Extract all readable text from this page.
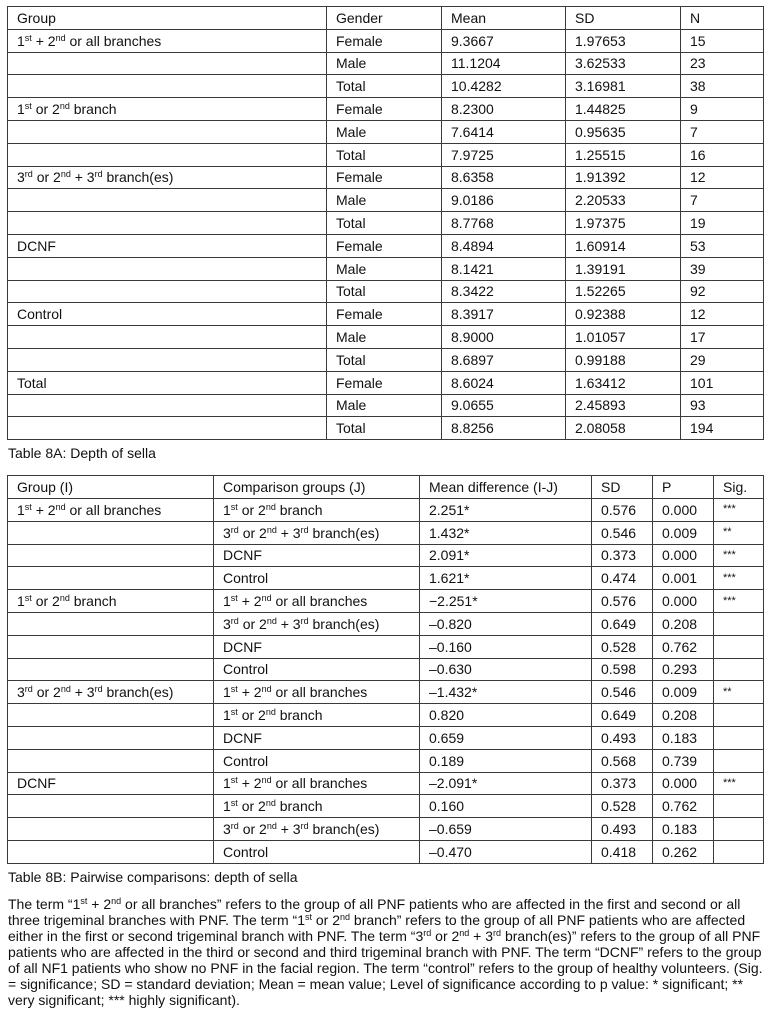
Group	Gender	Mean	SD	N
1st + 2nd or all branches	Female	9.3667	1.97653	15
	Male	11.1204	3.62533	23
	Total	10.4282	3.16981	38
1st or 2nd branch	Female	8.2300	1.44825	9
	Male	7.6414	0.95635	7
	Total	7.9725	1.25515	16
3rd or 2nd + 3rd branch(es)	Female	8.6358	1.91392	12
	Male	9.0186	2.20533	7
	Total	8.7768	1.97375	19
DCNF	Female	8.4894	1.60914	53
	Male	8.1421	1.39191	39
	Total	8.3422	1.52265	92
Control	Female	8.3917	0.92388	12
	Male	8.9000	1.01057	17
	Total	8.6897	0.99188	29
Total	Female	8.6024	1.63412	101
	Male	9.0655	2.45893	93
	Total	8.8256	2.08058	194

Table 8A: Depth of sella

Group (I)	Comparison groups (J)	Mean difference (I-J)	SD	P	Sig.
1st + 2nd or all branches	1st or 2nd branch	2.251*	0.576	0.000	***
	3rd or 2nd + 3rd branch(es)	1.432*	0.546	0.009	**
	DCNF	2.091*	0.373	0.000	***
	Control	1.621*	0.474	0.001	***
1st or 2nd branch	1st + 2nd or all branches	−2.251*	0.576	0.000	***
	3rd or 2nd + 3rd branch(es)	–0.820	0.649	0.208	
	DCNF	–0.160	0.528	0.762	
	Control	–0.630	0.598	0.293	
3rd or 2nd + 3rd branch(es)	1st + 2nd or all branches	–1.432*	0.546	0.009	**
	1st or 2nd branch	0.820	0.649	0.208	
	DCNF	0.659	0.493	0.183	
	Control	0.189	0.568	0.739	
DCNF	1st + 2nd or all branches	–2.091*	0.373	0.000	***
	1st or 2nd branch	0.160	0.528	0.762	
	3rd or 2nd + 3rd branch(es)	–0.659	0.493	0.183	
	Control	–0.470	0.418	0.262	

Table 8B: Pairwise comparisons: depth of sella

The term “1st + 2nd or all branches” refers to the group of all PNF patients who are affected in the first and second or all three trigeminal branches with PNF. The term “1st or 2nd branch” refers to the group of all PNF patients who are affected either in the first or second trigeminal branch with PNF. The term “3rd or 2nd + 3rd branch(es)” refers to the group of all PNF patients who are affected in the third or second and third trigeminal branch with PNF. The term “DCNF” refers to the group of all NF1 patients who show no PNF in the facial region. The term “control” refers to the group of healthy volunteers. (Sig. = significance; SD = standard deviation; Mean = mean value; Level of significance according to p value: * significant; ** very significant; *** highly significant).
